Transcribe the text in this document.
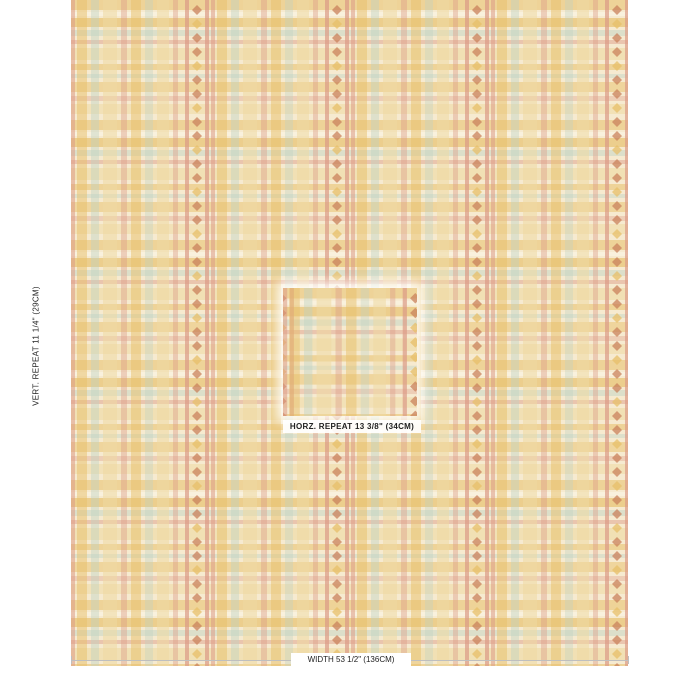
HORZ. REPEAT 13 3/8" (34CM)
VERT. REPEAT 11 1/4" (29CM)
WIDTH 53 1/2" (136CM)
